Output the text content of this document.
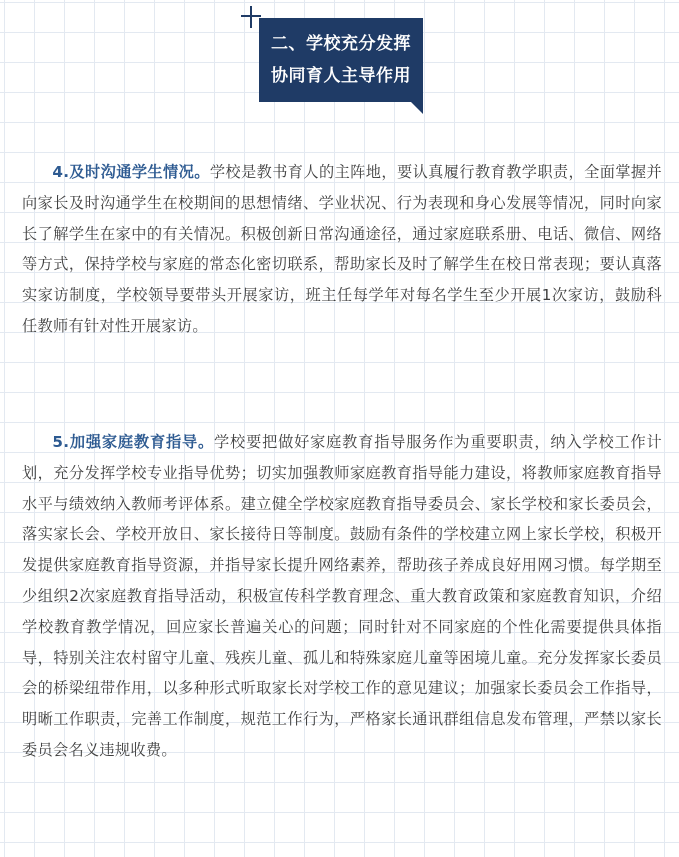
二、学校充分发挥
协同育人主导作用

4.及时沟通学生情况。学校是教书育人的主阵地，要认真履行教育教学职责，全面掌握并向家长及时沟通学生在校期间的思想情绪、学业状况、行为表现和身心发展等情况，同时向家长了解学生在家中的有关情况。积极创新日常沟通途径，通过家庭联系册、电话、微信、网络等方式，保持学校与家庭的常态化密切联系，帮助家长及时了解学生在校日常表现；要认真落实家访制度，学校领导要带头开展家访，班主任每学年对每名学生至少开展1次家访，鼓励科任教师有针对性开展家访。

5.加强家庭教育指导。学校要把做好家庭教育指导服务作为重要职责，纳入学校工作计划，充分发挥学校专业指导优势；切实加强教师家庭教育指导能力建设，将教师家庭教育指导水平与绩效纳入教师考评体系。建立健全学校家庭教育指导委员会、家长学校和家长委员会，落实家长会、学校开放日、家长接待日等制度。鼓励有条件的学校建立网上家长学校，积极开发提供家庭教育指导资源，并指导家长提升网络素养，帮助孩子养成良好用网习惯。每学期至少组织2次家庭教育指导活动，积极宣传科学教育理念、重大教育政策和家庭教育知识，介绍学校教育教学情况，回应家长普遍关心的问题；同时针对不同家庭的个性化需要提供具体指导，特别关注农村留守儿童、残疾儿童、孤儿和特殊家庭儿童等困境儿童。充分发挥家长委员会的桥梁纽带作用，以多种形式听取家长对学校工作的意见建议；加强家长委员会工作指导，明晰工作职责，完善工作制度，规范工作行为，严格家长通讯群组信息发布管理，严禁以家长委员会名义违规收费。
